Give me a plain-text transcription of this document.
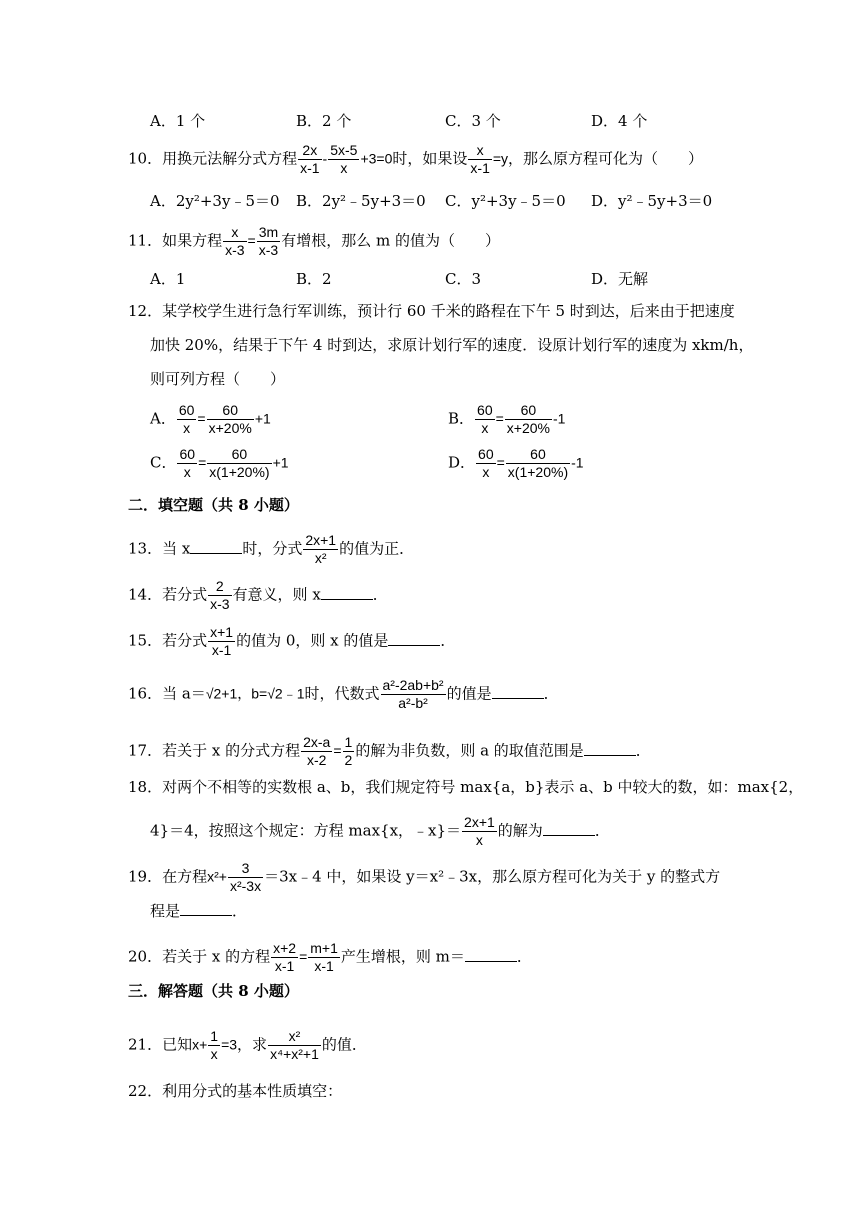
A．1 个	B．2 个	C．3 个	D．4 个
10．用换元法解分式方程 $\frac{2x}{x-1} - \frac{5x-5}{x} +3=0$时，如果设 $\frac{x}{x-1} =y$，那么原方程可化为（　　）
A．2y²+3y﹣5＝0 B．2y²﹣5y+3＝0 C．y²+3y﹣5＝0 D．y²﹣5y+3＝0
11．如果方程 $\frac{x}{x-3} = \frac{3m}{x-3}$ 有增根，那么 m 的值为（　　）
A．1	B．2	C．3	D．无解
12．某学校学生进行急行军训练，预计行 60 千米的路程在下午 5 时到达，后来由于把速度
加快 20%，结果于下午 4 时到达，求原计划行军的速度．设原计划行军的速度为 xkm/h，
则可列方程（　　）
A． $\frac{60}{x} = \frac{60}{x+20\%} +1$	B． $\frac{60}{x} = \frac{60}{x+20\%} -1$
C． $\frac{60}{x} = \frac{60}{x(1+20\%)} +1$	D． $\frac{60}{x} = \frac{60}{x(1+20\%)} -1$
二．填空题（共 8 小题）
13．当 x	时，分式 $\frac{2x+1}{\text{x²}}$ 的值为正．
14．若分式 $\frac{2}{x-3}$ 有意义，则 x	．
15．若分式 $\frac{x+1}{x-1}$ 的值为 0，则 x 的值是	．
16．当 a＝√2+1，b=√2﹣1时，代数式 $\frac{\text{a²-2ab+b²}}{\text{a²-b²}}$ 的值是	．
17．若关于 x 的分式方程 $\frac{2x-a}{x-2} = \frac{1}{2}$ 的解为非负数，则 a 的取值范围是	．
18．对两个不相等的实数根 a、b，我们规定符号 max{a，b}表示 a、b 中较大的数，如：max{2，
4}＝4，按照这个规定：方程 max{x，﹣x}＝ $\frac{2x+1}{x}$ 的解为	．
19．在方程$x^2+ \frac{3}{\text{x²-3x}}$ ＝3x﹣4 中，如果设 y＝x²﹣3x，那么原方程可化为关于 y 的整式方
程是	．
20．若关于 x 的方程 $\frac{x+2}{x-1} = \frac{m+1}{x-1}$ 产生增根，则 m＝	．
三．解答题（共 8 小题）
21．已知$x+ \frac{1}{x} =3$，求 $\frac{\text{x²}}{\text{x⁴+x²+1}}$ 的值．
22．利用分式的基本性质填空：
